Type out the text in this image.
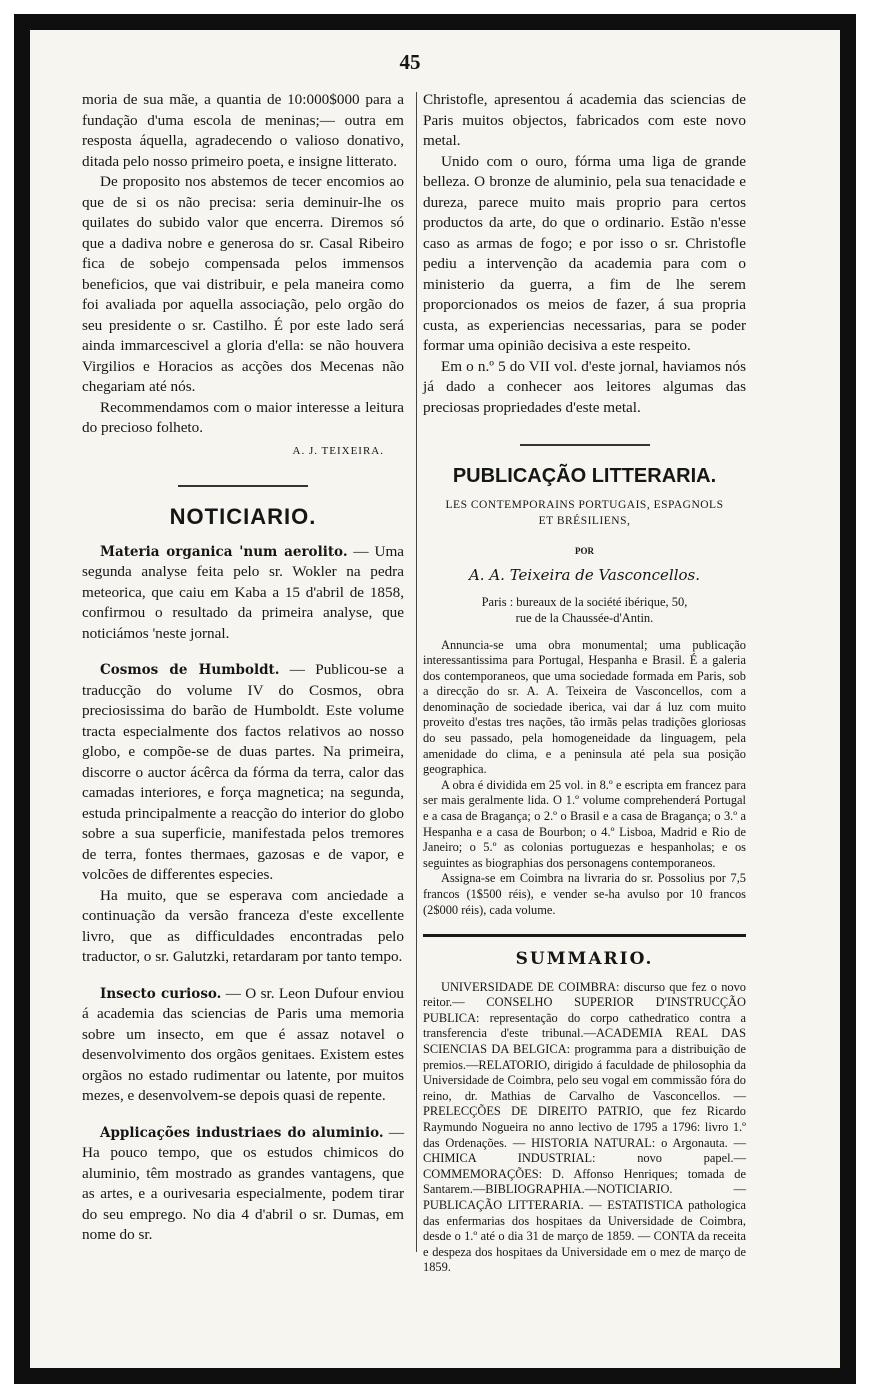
45

moria de sua mãe, a quantia de 10:000$000 para a fundação d'uma escola de meninas;— outra em resposta áquella, agradecendo o valioso donativo, ditada pelo nosso primeiro poeta, e insigne litterato.

De proposito nos abstemos de tecer encomios ao que de si os não precisa: seria deminuir-lhe os quilates do subido valor que encerra. Diremos só que a dadiva nobre e generosa do sr. Casal Ribeiro fica de sobejo compensada pelos immensos beneficios, que vai distribuir, e pela maneira como foi avaliada por aquella associação, pelo orgão do seu presidente o sr. Castilho. É por este lado será ainda immarcescivel a gloria d'ella: se não houvera Virgilios e Horacios as acções dos Mecenas não chegariam até nós.

Recommendamos com o maior interesse a leitura do precioso folheto.

A. J. TEIXEIRA.

NOTICIARIO.

Materia organica 'num aerolito. — Uma segunda analyse feita pelo sr. Wokler na pedra meteorica, que caiu em Kaba a 15 d'abril de 1858, confirmou o resultado da primeira analyse, que noticiámos 'neste jornal.

Cosmos de Humboldt. — Publicou-se a traducção do volume IV do Cosmos, obra preciosissima do barão de Humboldt. Este volume tracta especialmente dos factos relativos ao nosso globo, e compõe-se de duas partes. Na primeira, discorre o auctor ácêrca da fórma da terra, calor das camadas interiores, e força magnetica; na segunda, estuda principalmente a reacção do interior do globo sobre a sua superficie, manifestada pelos tremores de terra, fontes thermaes, gazosas e de vapor, e volcões de differentes especies.

Ha muito, que se esperava com anciedade a continuação da versão franceza d'este excellente livro, que as difficuldades encontradas pelo traductor, o sr. Galutzki, retardaram por tanto tempo.

Insecto curioso. — O sr. Leon Dufour enviou á academia das sciencias de Paris uma memoria sobre um insecto, em que é assaz notavel o desenvolvimento dos orgãos genitaes. Existem estes orgãos no estado rudimentar ou latente, por muitos mezes, e desenvolvem-se depois quasi de repente.

Applicações industriaes do aluminio. — Ha pouco tempo, que os estudos chimicos do aluminio, têm mostrado as grandes vantagens, que as artes, e a ourivesaria especialmente, podem tirar do seu emprego. No dia 4 d'abril o sr. Dumas, em nome do sr.

Christofle, apresentou á academia das sciencias de Paris muitos objectos, fabricados com este novo metal.

Unido com o ouro, fórma uma liga de grande belleza. O bronze de aluminio, pela sua tenacidade e dureza, parece muito mais proprio para certos productos da arte, do que o ordinario. Estão n'esse caso as armas de fogo; e por isso o sr. Christofle pediu a intervenção da academia para com o ministerio da guerra, a fim de lhe serem proporcionados os meios de fazer, á sua propria custa, as experiencias necessarias, para se poder formar uma opinião decisiva a este respeito.

Em o n.º 5 do VII vol. d'este jornal, haviamos nós já dado a conhecer aos leitores algumas das preciosas propriedades d'este metal.

PUBLICAÇÃO LITTERARIA.

LES CONTEMPORAINS PORTUGAIS, ESPAGNOLS

ET BRÉSILIENS,

POR

A. A. Teixeira de Vasconcellos.

Paris : bureaux de la société ibérique, 50,
rue de la Chaussée-d'Antin.

Annuncia-se uma obra monumental; uma publicação interessantissima para Portugal, Hespanha e Brasil. É a galeria dos contemporaneos, que uma sociedade formada em Paris, sob a direcção do sr. A. A. Teixeira de Vasconcellos, com a denominação de sociedade iberica, vai dar á luz com muito proveito d'estas tres nações, tão irmãs pelas tradições gloriosas do seu passado, pela homogeneidade da linguagem, pela amenidade do clima, e a peninsula até pela sua posição geographica.

A obra é dividida em 25 vol. in 8.º e escripta em francez para ser mais geralmente lida. O 1.º volume comprehenderá Portugal e a casa de Bragança; o 2.º o Brasil e a casa de Bragança; o 3.º a Hespanha e a casa de Bourbon; o 4.º Lisboa, Madrid e Rio de Janeiro; o 5.º as colonias portuguezas e hespanholas; e os seguintes as biographias dos personagens contemporaneos.

Assigna-se em Coimbra na livraria do sr. Possolius por 7,5 francos (1$500 réis), e vender se-ha avulso por 10 francos (2$000 réis), cada volume.

SUMMARIO.

UNIVERSIDADE DE COIMBRA: discurso que fez o novo reitor.— CONSELHO SUPERIOR D'INSTRUCÇÃO PUBLICA: representação do corpo cathedratico contra a transferencia d'este tribunal.—ACADEMIA REAL DAS SCIENCIAS DA BELGICA: programma para a distribuição de premios.—RELATORIO, dirigido á faculdade de philosophia da Universidade de Coimbra, pelo seu vogal em commissão fóra do reino, dr. Mathias de Carvalho de Vasconcellos. — PRELECÇÕES DE DIREITO PATRIO, que fez Ricardo Raymundo Nogueira no anno lectivo de 1795 a 1796: livro 1.º das Ordenações. — HISTORIA NATURAL: o Argonauta. — CHIMICA INDUSTRIAL: novo papel.—COMMEMORAÇÕES: D. Affonso Henriques; tomada de Santarem.—BIBLIOGRAPHIA.—NOTICIARIO. — PUBLICAÇÃO LITTERARIA. — ESTATISTICA pathologica das enfermarias dos hospitaes da Universidade de Coimbra, desde o 1.º até o dia 31 de março de 1859. — CONTA da receita e despeza dos hospitaes da Universidade em o mez de março de 1859.
